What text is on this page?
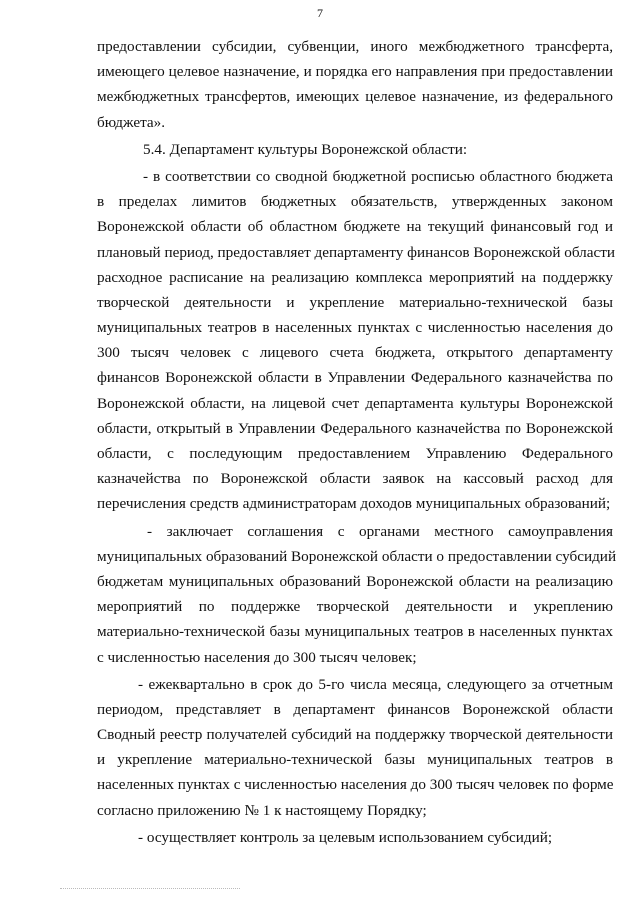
7
предоставлении субсидии, субвенции, иного межбюджетного трансферта,
имеющего целевое назначение, и порядка его направления при предоставлении
межбюджетных трансфертов, имеющих целевое назначение, из федерального
бюджета».
5.4. Департамент культуры Воронежской области:
- в соответствии со сводной бюджетной росписью областного бюджета
в пределах лимитов бюджетных обязательств, утвержденных законом
Воронежской области об областном бюджете на текущий финансовый год и
плановый период, предоставляет департаменту финансов Воронежской области
расходное расписание на реализацию комплекса мероприятий на поддержку
творческой деятельности и укрепление материально-технической базы
муниципальных театров в населенных пунктах с численностью населения до
300 тысяч человек с лицевого счета бюджета, открытого департаменту
финансов Воронежской области в Управлении Федерального казначейства по
Воронежской области, на лицевой счет департамента культуры Воронежской
области, открытый в Управлении Федерального казначейства по Воронежской
области, с последующим предоставлением Управлению Федерального
казначейства по Воронежской области заявок на кассовый расход для
перечисления средств администраторам доходов муниципальных образований;
- заключает соглашения с органами местного самоуправления
муниципальных образований Воронежской области о предоставлении субсидий
бюджетам муниципальных образований Воронежской области на реализацию
мероприятий по поддержке творческой деятельности и укреплению
материально-технической базы муниципальных театров в населенных пунктах
с численностью населения до 300 тысяч человек;
- ежеквартально в срок до 5-го числа месяца, следующего за отчетным
периодом, представляет в департамент финансов Воронежской области
Сводный реестр получателей субсидий на поддержку творческой деятельности
и укрепление материально-технической базы муниципальных театров в
населенных пунктах с численностью населения до 300 тысяч человек по форме
согласно приложению № 1 к настоящему Порядку;
- осуществляет контроль за целевым использованием субсидий;
